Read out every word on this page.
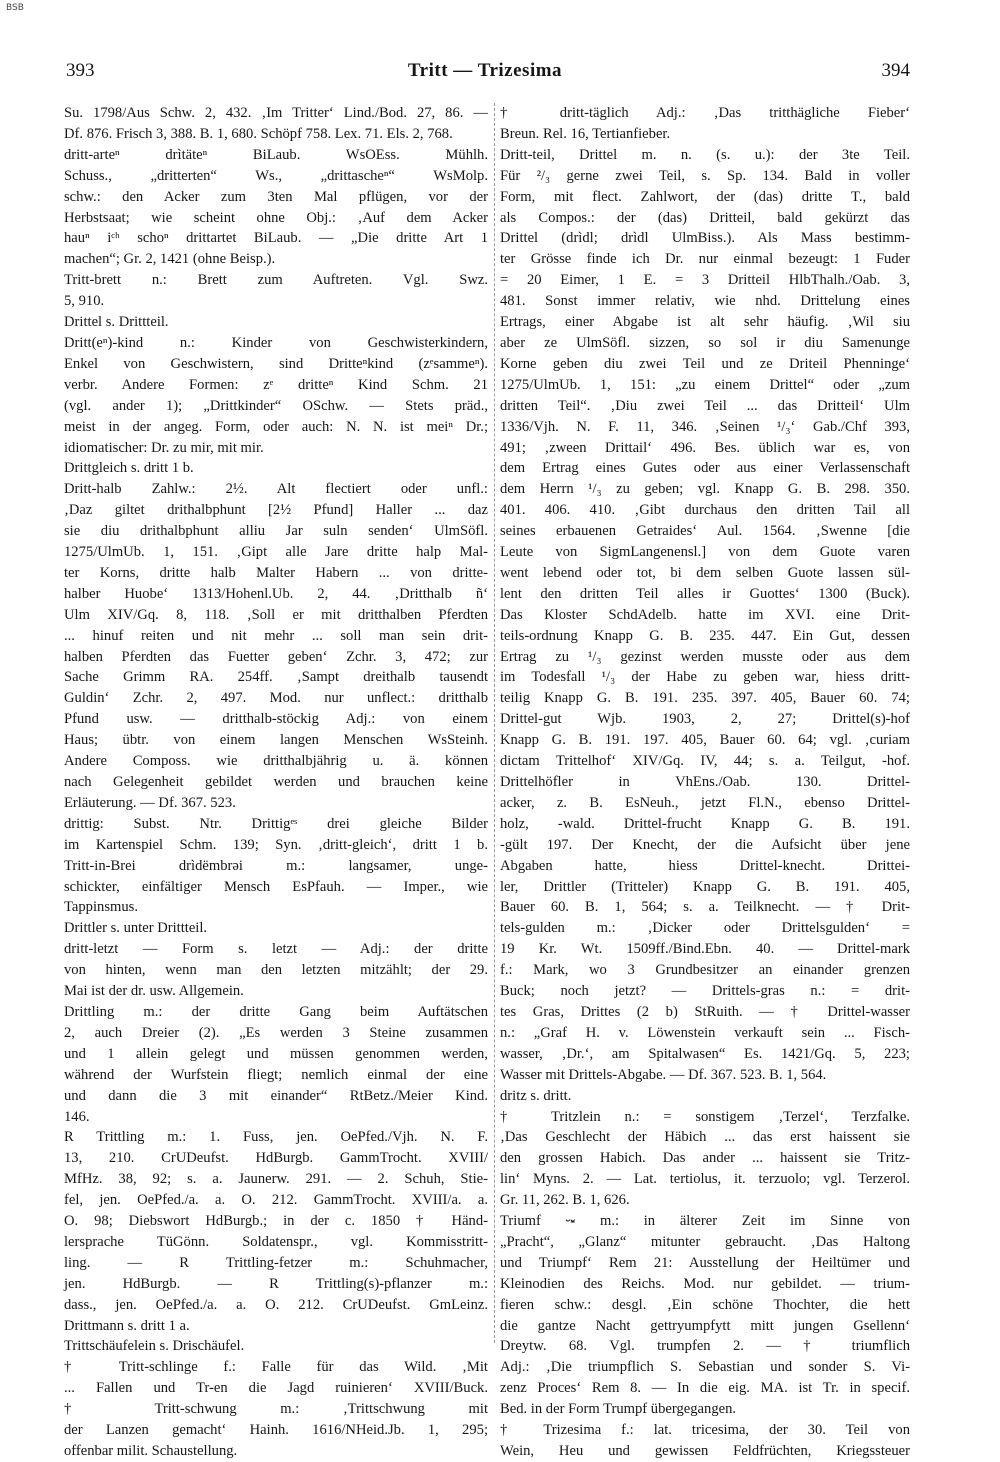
BSB
393	Tritt — Trizesima	394
Su. 1798/Aus Schw. 2, 432. ‚Im Tritter‘ Lind./Bod. 27, 86. —
Df. 876. Frisch 3, 388. B. 1, 680. Schöpf 758. Lex. 71. Els. 2, 768.
dritt-arteⁿ drìtäteⁿ BiLaub. WsOEss. Mühlh.
Schuss., „dritterten“ Ws., „drittascheⁿ“ WsMolp.
schw.: den Acker zum 3ten Mal pflügen, vor der
Herbstsaat; wie scheint ohne Obj.: ‚Auf dem Acker
hauⁿ iᶜʰ schoⁿ drittartet BiLaub. — „Die dritte Art 1
machen“; Gr. 2, 1421 (ohne Beisp.).
Tritt-brett n.: Brett zum Auftreten. Vgl. Swz.
5, 910.
Drittel s. Drittteil.
Dritt(eⁿ)-kind n.: Kinder von Geschwisterkindern,
Enkel von Geschwistern, sind Dritteⁿkind (zᵉsammeⁿ).
verbr. Andere Formen: zᵉ dritteⁿ Kind Schm. 21
(vgl. ander 1); „Drittkinder“ OSchw. — Stets präd.,
meist in der angeg. Form, oder auch: N. N. ist meiⁿ Dr.;
idiomatischer: Dr. zu mir, mit mir.
Drittgleich s. dritt 1 b.
Dritt-halb Zahlw.: 2½. Alt flectiert oder unfl.:
‚Daz giltet drithalbphunt [2½ Pfund] Haller ... daz
sie diu drithalbphunt alliu Jar suln senden‘ UlmSöfl.
1275/UlmUb. 1, 151. ‚Gipt alle Jare dritte halp Mal-
ter Korns, dritte halb Malter Habern ... von dritte-
halber Huobe‘ 1313/Hohenl.Ub. 2, 44. ‚Dritthalb ñ‘
Ulm XIV/Gq. 8, 118. ‚Soll er mit dritthalben Pferdten
... hinuf reiten und nit mehr ... soll man sein drit-
halben Pferdten das Fuetter geben‘ Zchr. 3, 472; zur
Sache Grimm RA. 254ff. ‚Sampt dreithalb tausendt
Guldin‘ Zchr. 2, 497. Mod. nur unflect.: dritthalb
Pfund usw. — dritthalb-stöckig Adj.: von einem
Haus; übtr. von einem langen Menschen WsSteinh.
Andere Composs. wie dritthalbjährig u. ä. können
nach Gelegenheit gebildet werden und brauchen keine
Erläuterung. — Df. 367. 523.
drittig: Subst. Ntr. Drittigᵉˢ drei gleiche Bilder
im Kartenspiel Schm. 139; Syn. ‚dritt-gleich‘, dritt 1 b.
Tritt-in-Brei drìdëmbrəi m.: langsamer, unge-
schickter, einfältiger Mensch EsPfauh. — Imper., wie
Tappinsmus.
Drittler s. unter Drittteil.
dritt-letzt — Form s. letzt — Adj.: der dritte
von hinten, wenn man den letzten mitzählt; der 29.
Mai ist der dr. usw. Allgemein.
Drittling m.: der dritte Gang beim Auftätschen
2, auch Dreier (2). „Es werden 3 Steine zusammen
und 1 allein gelegt und müssen genommen werden,
während der Wurfstein fliegt; nemlich einmal der eine
und dann die 3 mit einander“ RtBetz./Meier Kind.
146.
R Trittling m.: 1. Fuss, jen. OePfed./Vjh. N. F.
13, 210. CrUDeufst. HdBurgb. GammTrocht. XVIII/
MfHz. 38, 92; s. a. Jaunerw. 291. — 2. Schuh, Stie-
fel, jen. OePfed./a. a. O. 212. GammTrocht. XVIII/a. a.
O. 98; Diebswort HdBurgb.; in der c. 1850 † Händ-
lersprache TüGönn. Soldatenspr., vgl. Kommisstritt-
ling. — R Trittling-fetzer m.: Schuhmacher,
jen. HdBurgb. — R Trittling(s)-pflanzer m.:
dass., jen. OePfed./a. a. O. 212. CrUDeufst. GmLeinz.
Drittmann s. dritt 1 a.
Trittschäufelein s. Drischäufel.
† Tritt-schlinge f.: Falle für das Wild. ‚Mit
... Fallen und Tr-en die Jagd ruinieren‘ XVIII/Buck.
† Tritt-schwung m.: ‚Trittschwung mit
der Lanzen gemacht‘ Hainh. 1616/NHeid.Jb. 1, 295;
offenbar milit. Schaustellung.
† dritt-täglich Adj.: ‚Das tritthägliche Fieber‘
Breun. Rel. 16, Tertianfieber.
Dritt-teil, Drittel m. n. (s. u.): der 3te Teil.
Für ²/₃ gerne zwei Teil, s. Sp. 134. Bald in voller
Form, mit flect. Zahlwort, der (das) dritte T., bald
als Compos.: der (das) Dritteil, bald gekürzt das
Drittel (drìdl; drìdl UlmBiss.). Als Mass bestimm-
ter Grösse finde ich Dr. nur einmal bezeugt: 1 Fuder
= 20 Eimer, 1 E. = 3 Dritteil HlbThalh./Oab. 3,
481. Sonst immer relativ, wie nhd. Drittelung eines
Ertrags, einer Abgabe ist alt sehr häufig. ‚Wil siu
aber ze UlmSöfl. sizzen, so sol ir diu Samenunge
Korne geben diu zwei Teil und ze Driteil Phenninge‘
1275/UlmUb. 1, 151: „zu einem Drittel“ oder „zum
dritten Teil“. ‚Diu zwei Teil ... das Dritteil‘ Ulm
1336/Vjh. N. F. 11, 346. ‚Seinen ¹/₃‘ Gab./Chf 393,
491; ‚zween Drittail‘ 496. Bes. üblich war es, von
dem Ertrag eines Gutes oder aus einer Verlassenschaft
dem Herrn ¹/₃ zu geben; vgl. Knapp G. B. 298. 350.
401. 406. 410. ‚Gibt durchaus den dritten Tail all
seines erbauenen Getraides‘ Aul. 1564. ‚Swenne [die
Leute von SigmLangenensl.] von dem Guote varen
went lebend oder tot, bi dem selben Guote lassen sül-
lent den dritten Teil alles ir Guottes‘ 1300 (Buck).
Das Kloster SchdAdelb. hatte im XVI. eine Drit-
teils-ordnung Knapp G. B. 235. 447. Ein Gut, dessen
Ertrag zu ¹/₃ gezinst werden musste oder aus dem
im Todesfall ¹/₃ der Habe zu geben war, hiess dritt-
teilig Knapp G. B. 191. 235. 397. 405, Bauer 60. 74;
Drittel-gut Wjb. 1903, 2, 27; Drittel(s)-hof
Knapp G. B. 191. 197. 405, Bauer 60. 64; vgl. ‚curiam
dictam Trittelhof‘ XIV/Gq. IV, 44; s. a. Teilgut, -hof.
Drittelhöfler in VhEns./Oab. 130. Drittel-
acker, z. B. EsNeuh., jetzt Fl.N., ebenso Drittel-
holz, -wald. Drittel-frucht Knapp G. B. 191.
-gült 197. Der Knecht, der die Aufsicht über jene
Abgaben hatte, hiess Drittel-knecht. Drittei-
ler, Drittler (Tritteler) Knapp G. B. 191. 405,
Bauer 60. B. 1, 564; s. a. Teilknecht. — † Drit-
tels-gulden m.: ‚Dicker oder Drittelsgulden‘ =
19 Kr. Wt. 1509ff./Bind.Ebn. 40. — Drittel-mark
f.: Mark, wo 3 Grundbesitzer an einander grenzen
Buck; noch jetzt? — Drittels-gras n.: = drit-
tes Gras, Drittes (2 b) StRuith. — † Drittel-wasser
n.: „Graf H. v. Löwenstein verkauft sein ... Fisch-
wasser, ‚Dr.‘, am Spitalwasen“ Es. 1421/Gq. 5, 223;
Wasser mit Drittels-Abgabe. — Df. 367. 523. B. 1, 564.
dritz s. dritt.
† Tritzlein n.: = sonstigem ‚Terzel‘, Terzfalke.
‚Das Geschlecht der Häbich ... das erst haissent sie
den grossen Habich. Das ander ... haissent sie Tritz-
lin‘ Myns. 2. — Lat. tertiolus, it. terzuolo; vgl. Terzerol.
Gr. 11, 262. B. 1, 626.
Triumf ⏑⏓ m.: in älterer Zeit im Sinne von
„Pracht“, „Glanz“ mitunter gebraucht. ‚Das Haltong
und Triumpf‘ Rem 21: Ausstellung der Heiltümer und
Kleinodien des Reichs. Mod. nur gebildet. — trium-
fieren schw.: desgl. ‚Ein schöne Thochter, die hett
die gantze Nacht gettryumpfytt mitt jungen Gsellenn‘
Dreytw. 68. Vgl. trumpfen 2. — † triumflich
Adj.: ‚Die triumpflich S. Sebastian und sonder S. Vi-
zenz Proces‘ Rem 8. — In die eig. MA. ist Tr. in specif.
Bed. in der Form Trumpf übergegangen.
† Trizesima f.: lat. tricesima, der 30. Teil von
Wein, Heu und gewissen Feldfrüchten, Kriegssteuer
